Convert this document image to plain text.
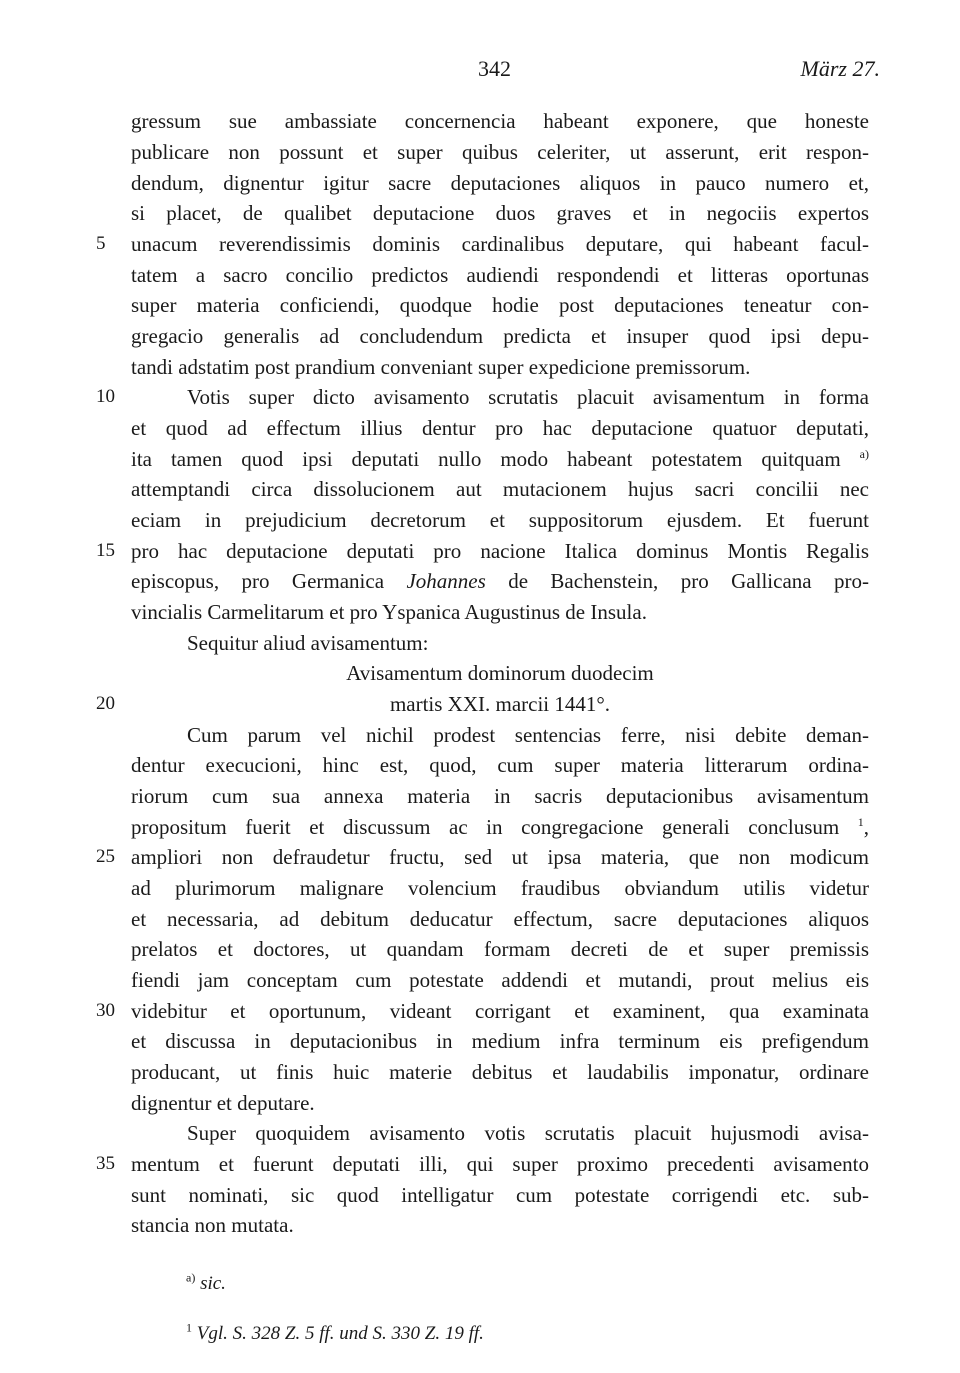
342	März 27.
gressum sue ambassiate concernencia habeant exponere, que honeste
publicare non possunt et super quibus celeriter, ut asserunt, erit respon-
dendum, dignentur igitur sacre deputaciones aliquos in pauco numero et,
si placet, de qualibet deputacione duos graves et in negociis expertos
unacum reverendissimis dominis cardinalibus deputare, qui habeant facul-
tatem a sacro concilio predictos audiendi respondendi et litteras oportunas
super materia conficiendi, quodque hodie post deputaciones teneatur con-
gregacio generalis ad concludendum predicta et insuper quod ipsi depu-
tandi adstatim post prandium conveniant super expedicione premissorum.
Votis super dicto avisamento scrutatis placuit avisamentum in forma
et quod ad effectum illius dentur pro hac deputacione quatuor deputati,
ita tamen quod ipsi deputati nullo modo habeant potestatem quitquam $^{a)}$
attemptandi circa dissolucionem aut mutacionem hujus sacri concilii nec
eciam in prejudicium decretorum et suppositorum ejusdem. Et fuerunt
pro hac deputacione deputati pro nacione Italica dominus Montis Regalis
episcopus, pro Germanica Johannes de Bachenstein, pro Gallicana pro-
vincialis Carmelitarum et pro Yspanica Augustinus de Insula.
Sequitur aliud avisamentum:
Avisamentum dominorum duodecim
martis XXI. marcii 1441°.
Cum parum vel nichil prodest sentencias ferre, nisi debite deman-
dentur execucioni, hinc est, quod, cum super materia litterarum ordina-
riorum cum sua annexa materia in sacris deputacionibus avisamentum
propositum fuerit et discussum ac in congregacione generali conclusum $^1$,
ampliori non defraudetur fructu, sed ut ipsa materia, que non modicum
ad plurimorum malignare volencium fraudibus obviandum utilis videtur
et necessaria, ad debitum deducatur effectum, sacre deputaciones aliquos
prelatos et doctores, ut quandam formam decreti de et super premissis
fiendi jam conceptam cum potestate addendi et mutandi, prout melius eis
videbitur et oportunum, videant corrigant et examinent, qua examinata
et discussa in deputacionibus in medium infra terminum eis prefigendum
producant, ut finis huic materie debitus et laudabilis imponatur, ordinare
dignentur et deputare.
Super quoquidem avisamento votis scrutatis placuit hujusmodi avisa-
mentum et fuerunt deputati illi, qui super proximo precedenti avisamento
sunt nominati, sic quod intelligatur cum potestate corrigendi etc. sub-
stancia non mutata.
5
10
15
20
25
30
35
$^{a)}$ sic.
$^1$ Vgl. S. 328 Z. 5 ff. und S. 330 Z. 19 ff.
